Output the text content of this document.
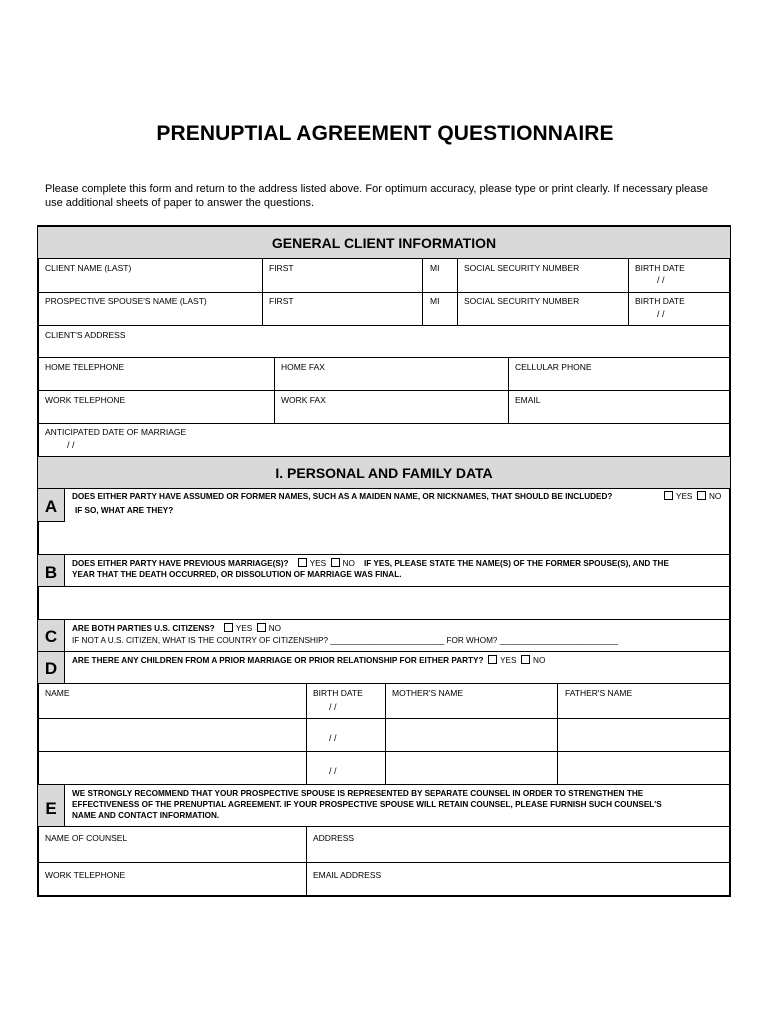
PRENUPTIAL AGREEMENT QUESTIONNAIRE
Please complete this form and return to the address listed above. For optimum accuracy, please type or print clearly. If necessary please use additional sheets of paper to answer the questions.
GENERAL CLIENT INFORMATION
CLIENT NAME (LAST)	FIRST	MI	SOCIAL SECURITY NUMBER	BIRTH DATE
/ /
PROSPECTIVE SPOUSE'S NAME (LAST)	FIRST	MI	SOCIAL SECURITY NUMBER	BIRTH DATE
/ /
CLIENT'S ADDRESS
HOME TELEPHONE	HOME FAX	CELLULAR PHONE
WORK TELEPHONE	WORK FAX	EMAIL
ANTICIPATED DATE OF MARRIAGE
/ /
I. PERSONAL AND FAMILY DATA
A
DOES EITHER PARTY HAVE ASSUMED OR FORMER NAMES, SUCH AS A MAIDEN NAME, OR NICKNAMES, THAT SHOULD BE INCLUDED?	YES NO
IF SO, WHAT ARE THEY?
B	DOES EITHER PARTY HAVE PREVIOUS MARRIAGE(S)?	YES NO IF YES, PLEASE STATE THE NAME(S) OF THE FORMER SPOUSE(S), AND THE
YEAR THAT THE DEATH OCCURRED, OR DISSOLUTION OF MARRIAGE WAS FINAL.
C	ARE BOTH PARTIES U.S. CITIZENS?	YES NO
IF NOT A U.S. CITIZEN, WHAT IS THE COUNTRY OF CITIZENSHIP? _________________________ FOR WHOM? __________________________
D	ARE THERE ANY CHILDREN FROM A PRIOR MARRIAGE OR PRIOR RELATIONSHIP FOR EITHER PARTY? YES NO
NAME	BIRTH DATE	MOTHER'S NAME	FATHER'S NAME
/ /
/ /
/ /
E
WE STRONGLY RECOMMEND THAT YOUR PROSPECTIVE SPOUSE IS REPRESENTED BY SEPARATE COUNSEL IN ORDER TO STRENGTHEN THE
EFFECTIVENESS OF THE PRENUPTIAL AGREEMENT. IF YOUR PROSPECTIVE SPOUSE WILL RETAIN COUNSEL, PLEASE FURNISH SUCH COUNSEL'S
NAME AND CONTACT INFORMATION.
NAME OF COUNSEL	ADDRESS
WORK TELEPHONE	EMAIL ADDRESS
